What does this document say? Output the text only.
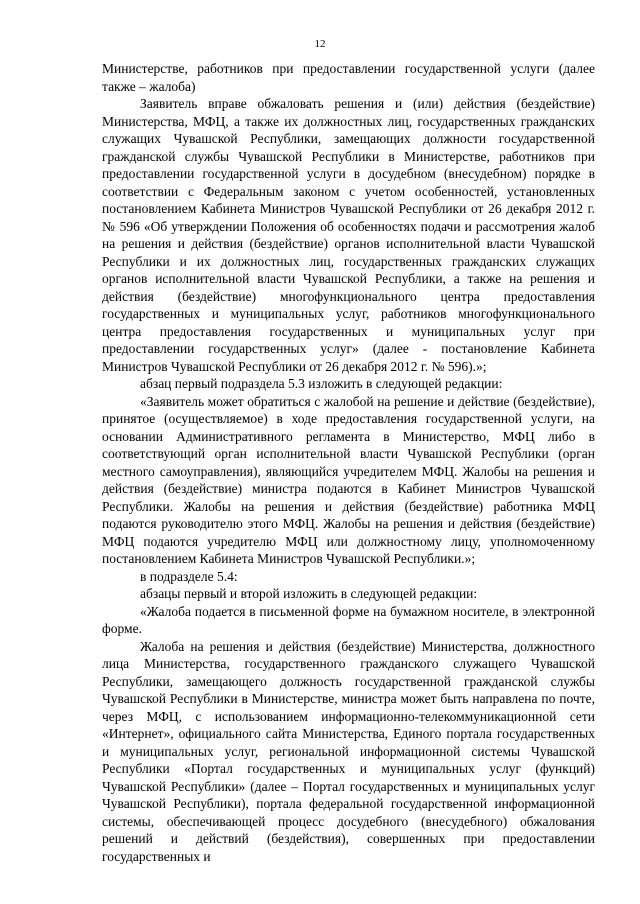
12

Министерстве, работников при предоставлении государственной услуги (далее также – жалоба)

Заявитель вправе обжаловать решения и (или) действия (бездействие) Министерства, МФЦ, а также их должностных лиц, государственных гражданских служащих Чувашской Республики, замещающих должности государственной гражданской службы Чувашской Республики в Министерстве, работников при предоставлении государственной услуги в досудебном (внесудебном) порядке в соответствии с Федеральным законом с учетом особенностей, установленных постановлением Кабинета Министров Чувашской Республики от 26 декабря 2012 г. № 596 «Об утверждении Положения об особенностях подачи и рассмотрения жалоб на решения и действия (бездействие) органов исполнительной власти Чувашской Республики и их должностных лиц, государственных гражданских служащих органов исполнительной власти Чувашской Республики, а также на решения и действия (бездействие) многофункционального центра предоставления государственных и муниципальных услуг, работников многофункционального центра предоставления государственных и муниципальных услуг при предоставлении государственных услуг» (далее - постановление Кабинета Министров Чувашской Республики от 26 декабря 2012 г. № 596).»;

абзац первый подраздела 5.3 изложить в следующей редакции:

«Заявитель может обратиться с жалобой на решение и действие (бездействие), принятое (осуществляемое) в ходе предоставления государственной услуги, на основании Административного регламента в Министерство, МФЦ либо в соответствующий орган исполнительной власти Чувашской Республики (орган местного самоуправления), являющийся учредителем МФЦ. Жалобы на решения и действия (бездействие) министра подаются в Кабинет Министров Чувашской Республики. Жалобы на решения и действия (бездействие) работника МФЦ подаются руководителю этого МФЦ. Жалобы на решения и действия (бездействие) МФЦ подаются учредителю МФЦ или должностному лицу, уполномоченному постановлением Кабинета Министров Чувашской Республики.»;

в подразделе 5.4:

абзацы первый и второй изложить в следующей редакции:

«Жалоба подается в письменной форме на бумажном носителе, в электронной форме.

Жалоба на решения и действия (бездействие) Министерства, должностного лица Министерства, государственного гражданского служащего Чувашской Республики, замещающего должность государственной гражданской службы Чувашской Республики в Министерстве, министра может быть направлена по почте, через МФЦ, с использованием информационно-телекоммуникационной сети «Интернет», официального сайта Министерства, Единого портала государственных и муниципальных услуг, региональной информационной системы Чувашской Республики «Портал государственных и муниципальных услуг (функций) Чувашской Республики» (далее – Портал государственных и муниципальных услуг Чувашской Республики), портала федеральной государственной информационной системы, обеспечивающей процесс досудебного (внесудебного) обжалования решений и действий (бездействия), совершенных при предоставлении государственных и
